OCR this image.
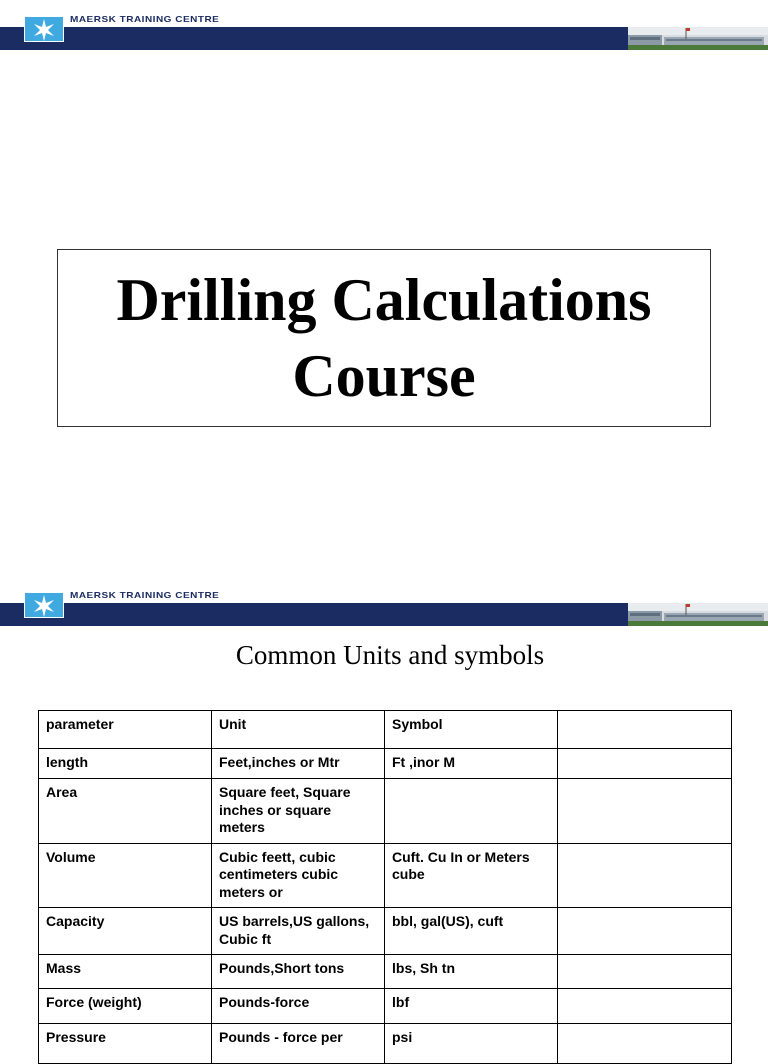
MAERSK TRAINING CENTRE
Drilling Calculations
Course
MAERSK TRAINING CENTRE
Common Units and symbols
parameter	Unit	Symbol	
length	Feet,inches or Mtr	Ft ,inor M	
Area	Square feet, Square inches or square meters		
Volume	Cubic feett, cubic centimeters cubic meters or	Cuft. Cu In or Meters cube	
Capacity	US barrels,US gallons, Cubic ft	bbl, gal(US), cuft	
Mass	Pounds,Short tons	lbs, Sh tn	
Force (weight)	Pounds-force	lbf	
Pressure	Pounds - force per	psi	
